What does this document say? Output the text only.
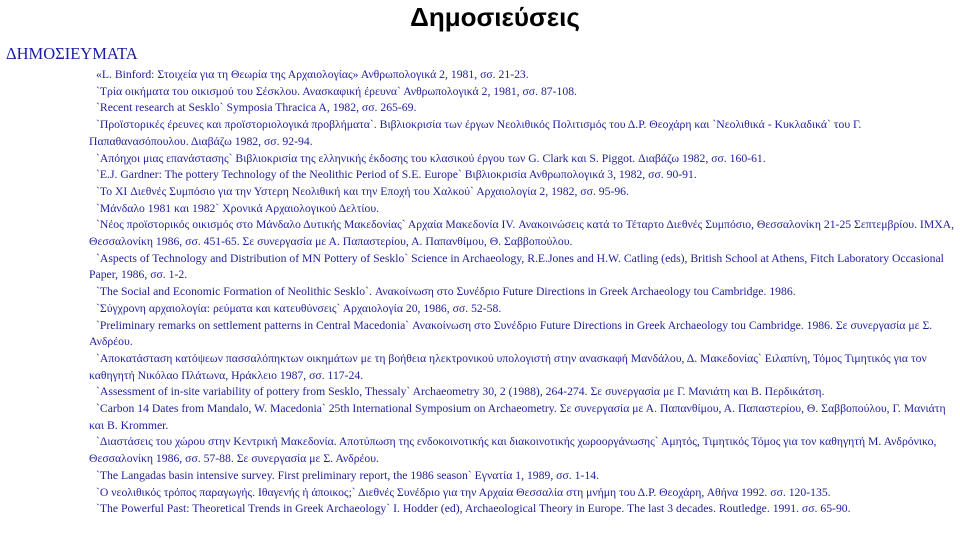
Δημοσιεύσεις
ΔΗΜΟΣΙΕΥΜΑΤΑ
«L. Binford: Στοιχεία για τη Θεωρία της Αρχαιολογίας» Ανθρωπολογικά 2, 1981, σσ. 21-23.
`Τρία οικήματα του οικισμού του Σέσκλου. Ανασκαφική έρευνα` Ανθρωπολογικά 2, 1981, σσ. 87-108.
`Recent research at Sesklo` Symposia Thracica A, 1982, σσ. 265-69.
`Προϊστορικές έρευνες και προϊστοριολογικά προβλήματα`. Βιβλιοκρισία των έργων Νεολιθικός Πολιτισμός του Δ.Ρ. Θεοχάρη και `Νεολιθικά - Κυκλαδικά` του Γ. Παπαθανασόπουλου. Διαβάζω 1982, σσ. 92-94.
`Απόηχοι μιας επανάστασης` Βιβλιοκρισία της ελληνικής έκδοσης του κλασικού έργου των G. Clark και S. Piggot. Διαβάζω 1982, σσ. 160-61.
`E.J. Gardner: The pottery Technology of the Neolithic Period of S.E. Europe` Βιβλιοκρισία Ανθρωπολογικά 3, 1982, σσ. 90-91.
`To XI Διεθνές Συμπόσιο για την Υστερη Νεολιθική και την Εποχή του Χαλκού` Αρχαιολογία 2, 1982, σσ. 95-96.
`Μάνδαλο 1981 και 1982` Χρονικά Αρχαιολογικού Δελτίου.
`Νέος προϊστορικός οικισμός στο Μάνδαλο Δυτικής Μακεδονίας` Αρχαία Μακεδονία IV. Ανακοινώσεις κατά το Τέταρτο Διεθνές Συμπόσιο, Θεσσαλονίκη 21-25 Σεπτεμβρίου. ΙΜΧΑ, Θεσσαλονίκη 1986, σσ. 451-65. Σε συνεργασία με Α. Παπαστερίου, Α. Παπανθίμου, Θ. Σαββοπούλου.
`Aspects of Technology and Distribution of MN Pottery of Sesklo` Science in Archaeology, R.E.Jones and H.W. Catling (eds), British School at Athens, Fitch Laboratory Occasional Paper, 1986, σσ. 1-2.
`The Social and Economic Formation of Neolithic Sesklo`. Ανακοίνωση στο Συνέδριο Future Directions in Greek Archaeology tou Cambridge. 1986.
`Σύγχρονη αρχαιολογία: ρεύματα και κατευθύνσεις` Αρχαιολογία 20, 1986, σσ. 52-58.
`Preliminary remarks on settlement patterns in Central Macedonia` Ανακοίνωση στο Συνέδριο Future Directions in Greek Archaeology tou Cambridge. 1986. Σε συνεργασία με Σ. Ανδρέου.
`Αποκατάσταση κατόψεων πασσαλόπηκτων οικημάτων με τη βοήθεια ηλεκτρονικού υπολογιστή στην ανασκαφή Μανδάλου, Δ. Μακεδονίας` Ειλαπίνη, Τόμος Τιμητικός για τον καθηγητή Νικόλαο Πλάτωνα, Ηράκλειο 1987, σσ. 117-24.
`Assessment of in-site variability of pottery from Sesklo, Thessaly` Archaeometry 30, 2 (1988), 264-274. Σε συνεργασία με Γ. Μανιάτη και Β. Περδικάτση.
`Carbon 14 Dates from Mandalo, W. Macedonia` 25th International Symposium on Archaeometry. Σε συνεργασία με Α. Παπανθίμου, Α. Παπαστερίου, Θ. Σαββοπούλου, Γ. Μανιάτη και B. Krommer.
`Διαστάσεις του χώρου στην Κεντρική Μακεδονία. Αποτύπωση της ενδοκοινοτικής και διακοινοτικής χωροοργάνωσης` Αμητός, Τιμητικός Τόμος για τον καθηγητή Μ. Ανδρόνικο, Θεσσαλονίκη 1986, σσ. 57-88. Σε συνεργασία με Σ. Ανδρέου.
`The Langadas basin intensive survey. First preliminary report, the 1986 season` Εγνατία 1, 1989, σσ. 1-14.
`Ο νεολιθικός τρόπος παραγωγής. Ιθαγενής ή άποικος;` Διεθνές Συνέδριο για την Αρχαία Θεσσαλία στη μνήμη του Δ.Ρ. Θεοχάρη, Αθήνα 1992. σσ. 120-135.
`The Powerful Past: Theoretical Trends in Greek Archaeology` I. Hodder (ed), Archaeological Theory in Europe. The last 3 decades. Routledge. 1991. σσ. 65-90.
